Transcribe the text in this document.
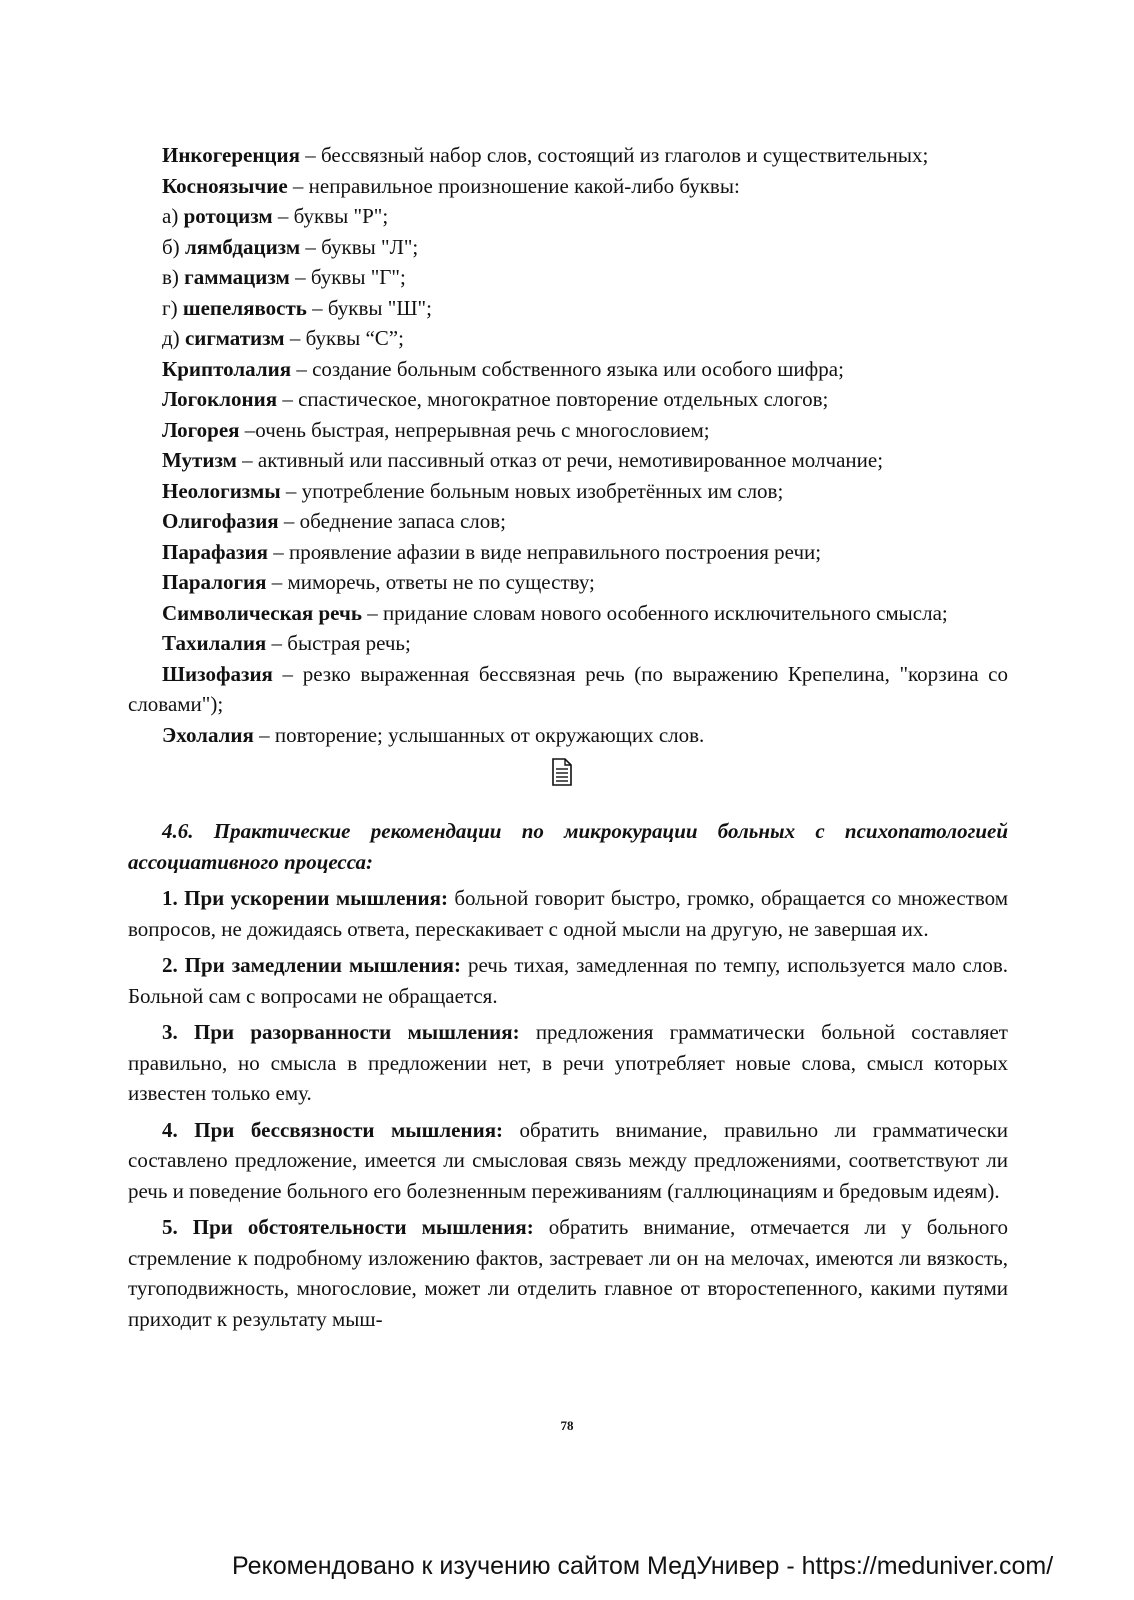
Инкогеренция – бессвязный набор слов, состоящий из глаголов и существительных;

Косноязычие – неправильное произношение какой-либо буквы:

а) ротоцизм – буквы "Р";

б) лямбдацизм – буквы "Л";

в) гаммацизм – буквы "Г";

г) шепелявость – буквы "Ш";

д) сигматизм – буквы “С”;

Криптолалия – создание больным собственного языка или особого шифра;

Логоклония – спастическое, многократное повторение отдельных слогов;

Логорея –очень быстрая, непрерывная речь с многословием;

Мутизм – активный или пассивный отказ от речи, немотивированное молчание;

Неологизмы – употребление больным новых изобретённых им слов;

Олигофазия – обеднение запаса слов;

Парафазия – проявление афазии в виде неправильного построения речи;

Паралогия – миморечь, ответы не по существу;

Символическая речь – придание словам нового особенного исключительного смысла;

Тахилалия – быстрая речь;

Шизофазия – резко выраженная бессвязная речь (по выражению Крепелина, "корзина со словами");

Эхолалия – повторение; услышанных от окружающих слов.

4.6. Практические рекомендации по микрокурации больных с психопатологией ассоциативного процесса:

1. При ускорении мышления: больной говорит быстро, громко, обращается со множеством вопросов, не дожидаясь ответа, перескакивает с одной мысли на другую, не завершая их.

2. При замедлении мышления: речь тихая, замедленная по темпу, используется мало слов. Больной сам с вопросами не обращается.

3. При разорванности мышления: предложения грамматически больной составляет правильно, но смысла в предложении нет, в речи употребляет новые слова, смысл которых известен только ему.

4. При бессвязности мышления: обратить внимание, правильно ли грамматически составлено предложение, имеется ли смысловая связь между предложениями, соответствуют ли речь и поведение больного его болезненным переживаниям (галлюцинациям и бредовым идеям).

5. При обстоятельности мышления: обратить внимание, отмечается ли у больного стремление к подробному изложению фактов, застревает ли он на мелочах, имеются ли вязкость, тугоподвижность, многословие, может ли отделить главное от второстепенного, какими путями приходит к результату мыш-

78
Рекомендовано к изучению сайтом МедУнивер - https://meduniver.com/
